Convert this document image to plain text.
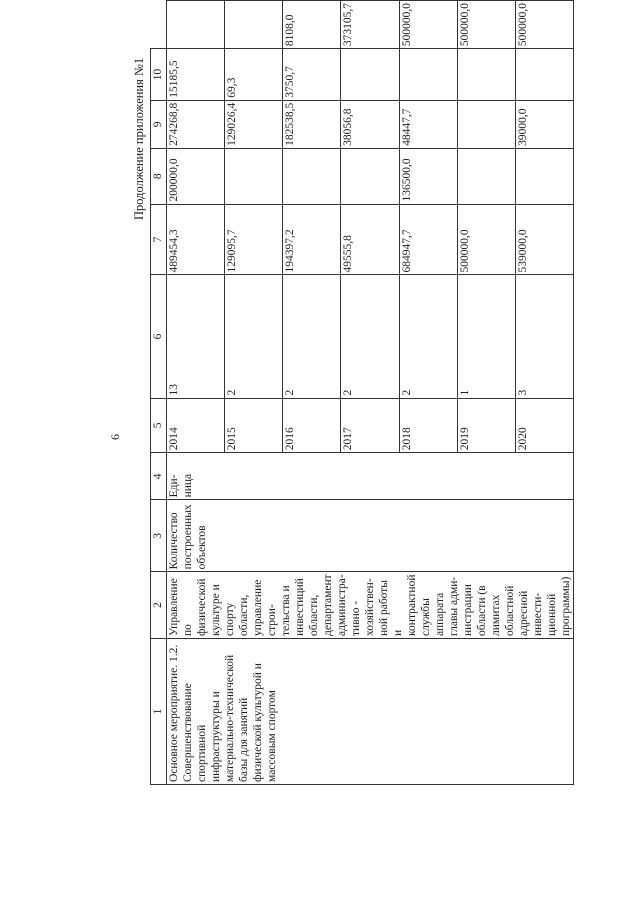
6
Продолжение приложения №1
1	2	3	4	5	6	7	8	9	10	
Основное мероприятие. 1.2. Совершенствование спортивной инфраструктуры и материально-технической базы для занятий физической культурой и массовым спортом	Управление по физической культуре и спорту области, управление строи-тельства и инвестиций области, департамент администра-тивно - хозяйствен-ной работы и контрактной службы аппарата главы адми-нистрации области (в лимитах областной адресной инвести-ционной программы)	Количество построенных объектов	Еди-ница	2014	13	489454,3	200000,0	274268,8	15185,5	
				2015	2	129095,7		129026,4	69,3	
				2016	2	194397,2		182538,5	3750,7	8108,0
				2017	2	49555,8		38056,8		373105,7
				2018	2	684947,7	136500,0	48447,7		500000,0
				2019	1	500000,0				500000,0
				2020	3	539000,0		39000,0		500000,0
